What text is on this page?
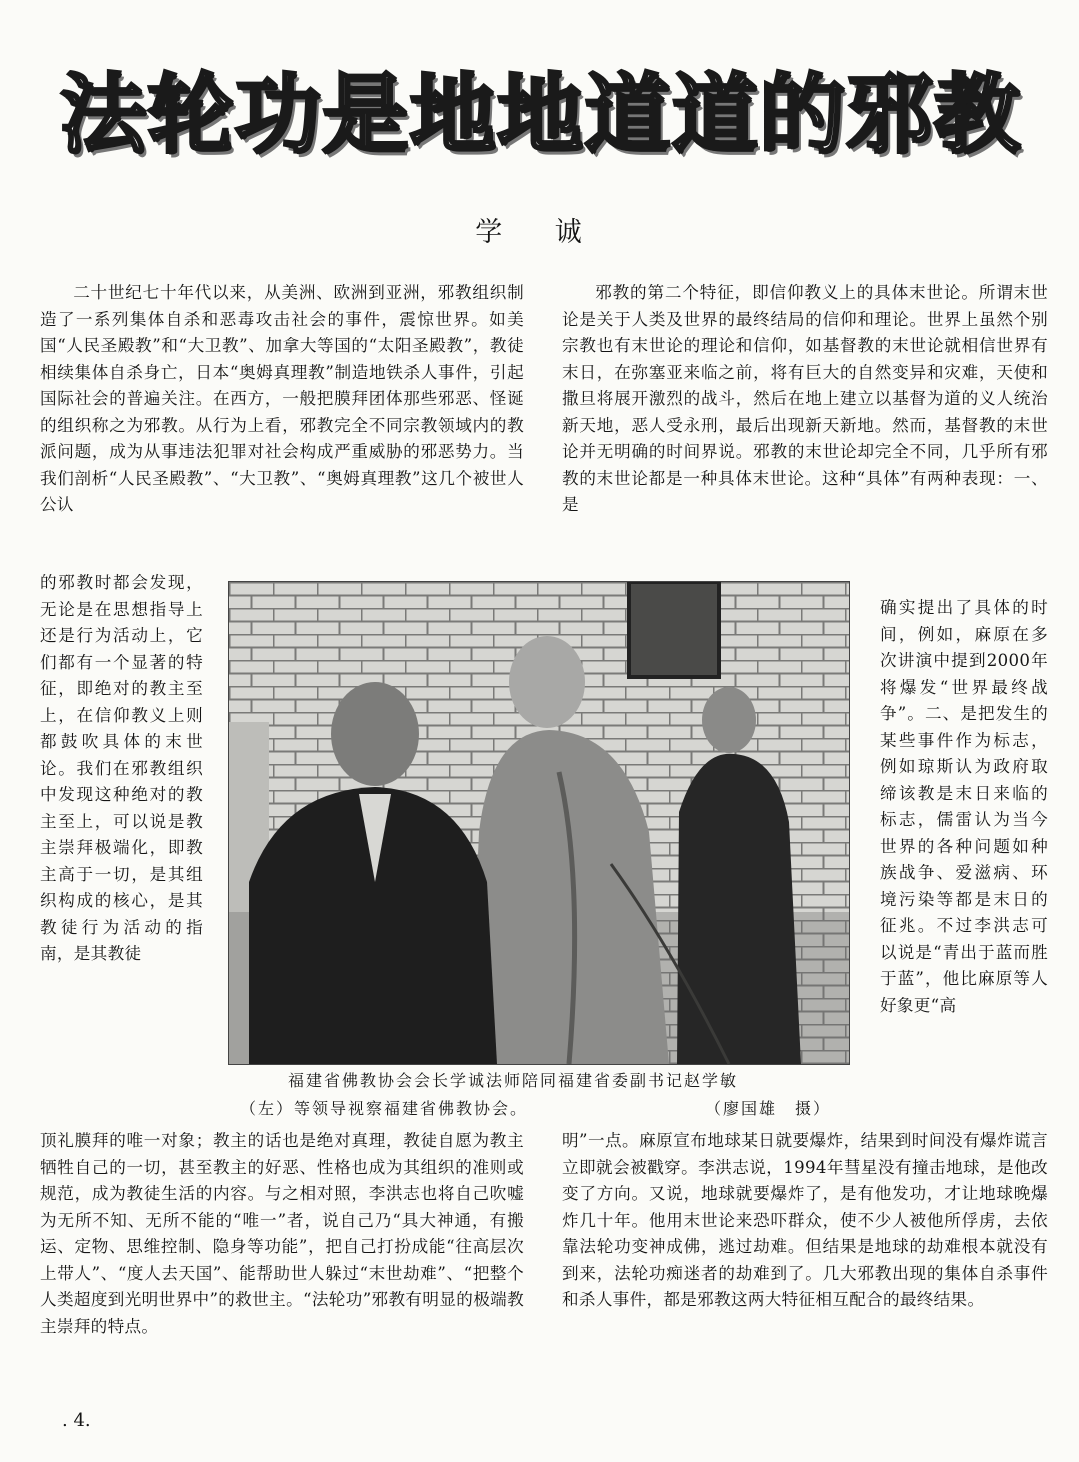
法 轮 功 是 地 地 道 道 的 邪 教
学 诚

二十世纪七十年代以来，从美洲、欧洲到亚洲，邪教组织制造了一系列集体自杀和恶毒攻击社会的事件，震惊世界。如美国“人民圣殿教”和“大卫教”、加拿大等国的“太阳圣殿教”，教徒相续集体自杀身亡，日本“奥姆真理教”制造地铁杀人事件，引起国际社会的普遍关注。在西方，一般把膜拜团体那些邪恶、怪诞的组织称之为邪教。从行为上看，邪教完全不同宗教领域内的教派问题，成为从事违法犯罪对社会构成严重威胁的邪恶势力。当我们剖析“人民圣殿教”、“大卫教”、“奥姆真理教”这几个被世人公认

的邪教时都会发现，无论是在思想指导上还是行为活动上，它们都有一个显著的特征，即绝对的教主至上，在信仰教义上则都鼓吹具体的末世论。我们在邪教组织中发现这种绝对的教主至上，可以说是教主崇拜极端化，即教主高于一切，是其组织构成的核心，是其教徒行为活动的指南，是其教徒

顶礼膜拜的唯一对象；教主的话也是绝对真理，教徒自愿为教主牺牲自己的一切，甚至教主的好恶、性格也成为其组织的准则或规范，成为教徒生活的内容。与之相对照，李洪志也将自己吹嘘为无所不知、无所不能的“唯一”者，说自己乃“具大神通，有搬运、定物、思维控制、隐身等功能”，把自己打扮成能“往高层次上带人”、“度人去天国”、能帮助世人躲过“末世劫难”、“把整个人类超度到光明世界中”的救世主。“法轮功”邪教有明显的极端教主崇拜的特点。

邪教的第二个特征，即信仰教义上的具体末世论。所谓末世论是关于人类及世界的最终结局的信仰和理论。世界上虽然个别宗教也有末世论的理论和信仰，如基督教的末世论就相信世界有末日，在弥塞亚来临之前，将有巨大的自然变异和灾难，天使和撒旦将展开激烈的战斗，然后在地上建立以基督为道的义人统治新天地，恶人受永刑，最后出现新天新地。然而，基督教的末世论并无明确的时间界说。邪教的末世论却完全不同，几乎所有邪教的末世论都是一种具体末世论。这种“具体”有两种表现：一、是

确实提出了具体的时间，例如，麻原在多次讲演中提到2000年将爆发“世界最终战争”。二、是把发生的某些事件作为标志，例如琼斯认为政府取缔该教是末日来临的标志，儒雷认为当今世界的各种问题如种族战争、爱滋病、环境污染等都是末日的征兆。不过李洪志可以说是“青出于蓝而胜于蓝”，他比麻原等人好象更“高

明”一点。麻原宣布地球某日就要爆炸，结果到时间没有爆炸谎言立即就会被戳穿。李洪志说，1994年彗星没有撞击地球，是他改变了方向。又说，地球就要爆炸了，是有他发功，才让地球晚爆炸几十年。他用末世论来恐吓群众，使不少人被他所俘虏，去依靠法轮功变神成佛，逃过劫难。但结果是地球的劫难根本就没有到来，法轮功痴迷者的劫难到了。几大邪教出现的集体自杀事件和杀人事件，都是邪教这两大特征相互配合的最终结果。

福建省佛教协会会长学诚法师陪同福建省委副书记赵学敏

（左）等领导视察福建省佛教协会。	（廖国雄　摄）

. 4.
